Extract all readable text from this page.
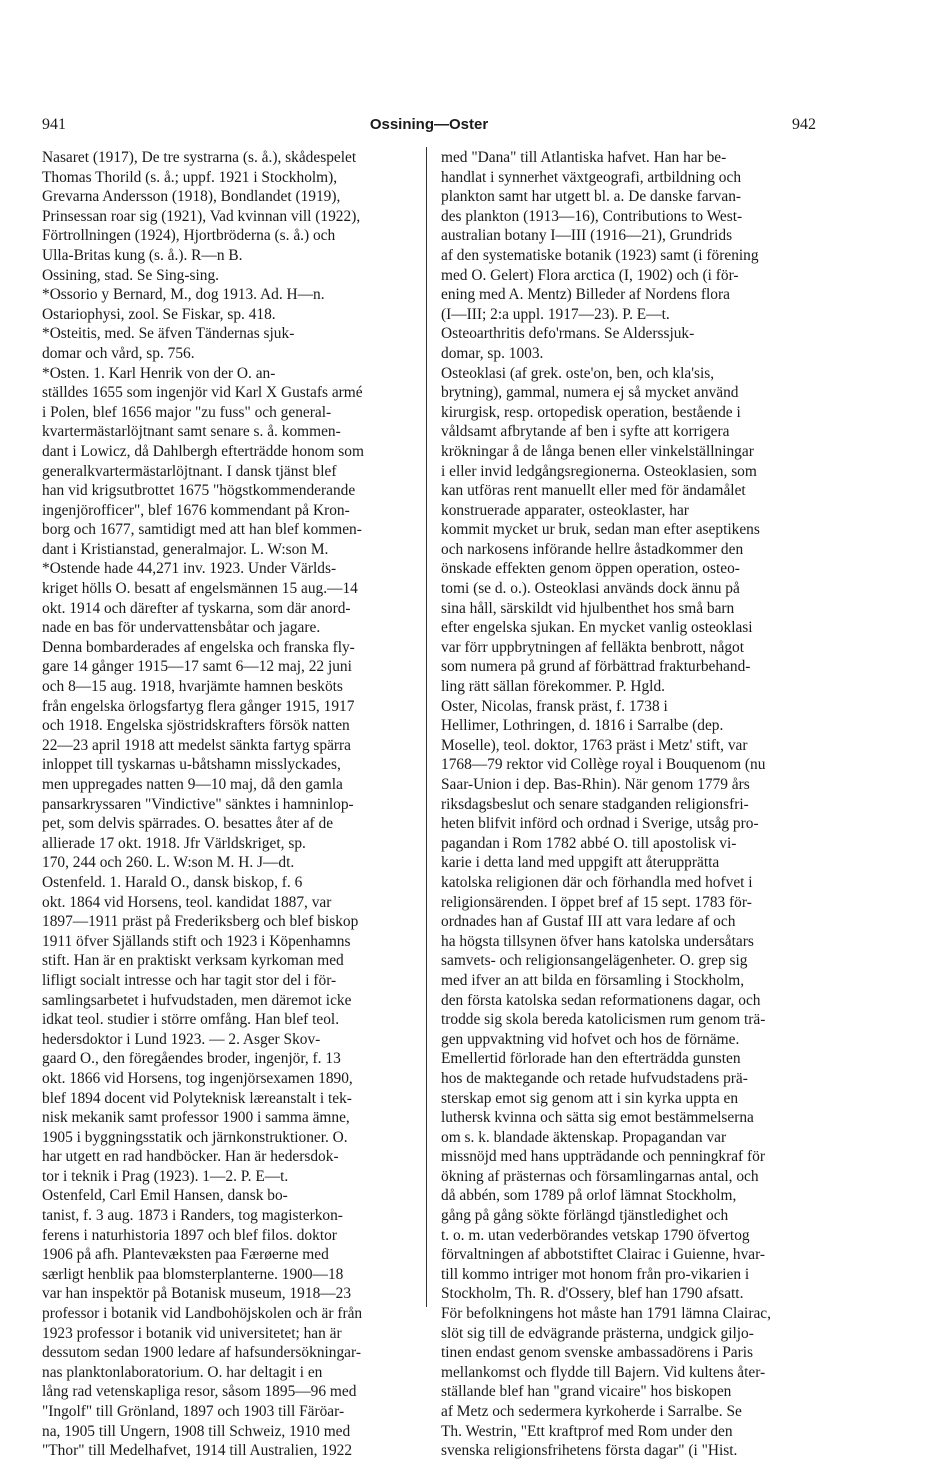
941	Ossining—Oster	942
Nasaret (1917), De tre systrarna (s. å.), skådespelet
Thomas Thorild (s. å.; uppf. 1921 i Stockholm),
Grevarna Andersson (1918), Bondlandet (1919),
Prinsessan roar sig (1921), Vad kvinnan vill (1922),
Förtrollningen (1924), Hjortbröderna (s. å.) och
Ulla-Britas kung (s. å.). R—n B.
Ossining, stad. Se Sing-sing.
*Ossorio y Bernard, M., dog 1913. Ad. H—n.
Ostariophysi, zool. Se Fiskar, sp. 418.
*Osteitis, med. Se äfven Tändernas sjuk-
domar och vård, sp. 756.
*Osten. 1. Karl Henrik von der O. an-
ställdes 1655 som ingenjör vid Karl X Gustafs armé
i Polen, blef 1656 major "zu fuss" och general-
kvartermästarlöjtnant samt senare s. å. kommen-
dant i Lowicz, då Dahlbergh efterträdde honom som
generalkvartermästarlöjtnant. I dansk tjänst blef
han vid krigsutbrottet 1675 "högstkommenderande
ingenjörofficer", blef 1676 kommendant på Kron-
borg och 1677, samtidigt med att han blef kommen-
dant i Kristianstad, generalmajor. L. W:son M.
*Ostende hade 44,271 inv. 1923. Under Världs-
kriget hölls O. besatt af engelsmännen 15 aug.—14
okt. 1914 och därefter af tyskarna, som där anord-
nade en bas för undervattensbåtar och jagare.
Denna bombarderades af engelska och franska fly-
gare 14 gånger 1915—17 samt 6—12 maj, 22 juni
och 8—15 aug. 1918, hvarjämte hamnen besköts
från engelska örlogsfartyg flera gånger 1915, 1917
och 1918. Engelska sjöstridskrafters försök natten
22—23 april 1918 att medelst sänkta fartyg spärra
inloppet till tyskarnas u-båtshamn misslyckades,
men uppregades natten 9—10 maj, då den gamla
pansarkryssaren "Vindictive" sänktes i hamninlop-
pet, som delvis spärrades. O. besattes åter af de
allierade 17 okt. 1918. Jfr Världskriget, sp.
170, 244 och 260. L. W:son M. H. J—dt.
Ostenfeld. 1. Harald O., dansk biskop, f. 6
okt. 1864 vid Horsens, teol. kandidat 1887, var
1897—1911 präst på Frederiksberg och blef biskop
1911 öfver Själlands stift och 1923 i Köpenhamns
stift. Han är en praktiskt verksam kyrkoman med
lifligt socialt intresse och har tagit stor del i för-
samlingsarbetet i hufvudstaden, men däremot icke
idkat teol. studier i större omfång. Han blef teol.
hedersdoktor i Lund 1923. — 2. Asger Skov-
gaard O., den föregåendes broder, ingenjör, f. 13
okt. 1866 vid Horsens, tog ingenjörsexamen 1890,
blef 1894 docent vid Polyteknisk læreanstalt i tek-
nisk mekanik samt professor 1900 i samma ämne,
1905 i byggningsstatik och järnkonstruktioner. O.
har utgett en rad handböcker. Han är hedersdok-
tor i teknik i Prag (1923). 1—2. P. E—t.
Ostenfeld, Carl Emil Hansen, dansk bo-
tanist, f. 3 aug. 1873 i Randers, tog magisterkon-
ferens i naturhistoria 1897 och blef filos. doktor
1906 på afh. Plantevæksten paa Færøerne med
særligt henblik paa blomsterplanterne. 1900—18
var han inspektör på Botanisk museum, 1918—23
professor i botanik vid Landbohöjskolen och är från
1923 professor i botanik vid universitetet; han är
dessutom sedan 1900 ledare af hafsundersökningar-
nas planktonlaboratorium. O. har deltagit i en
lång rad vetenskapliga resor, såsom 1895—96 med
"Ingolf" till Grönland, 1897 och 1903 till Färöar-
na, 1905 till Ungern, 1908 till Schweiz, 1910 med
"Thor" till Medelhafvet, 1914 till Australien, 1922
med "Dana" till Atlantiska hafvet. Han har be-
handlat i synnerhet växtgeografi, artbildning och
plankton samt har utgett bl. a. De danske farvan-
des plankton (1913—16), Contributions to West-
australian botany I—III (1916—21), Grundrids
af den systematiske botanik (1923) samt (i förening
med O. Gelert) Flora arctica (I, 1902) och (i för-
ening med A. Mentz) Billeder af Nordens flora
(I—III; 2:a uppl. 1917—23). P. E—t.
Osteoarthritis defo'rmans. Se Alderssjuk-
domar, sp. 1003.
Osteoklasi (af grek. oste'on, ben, och kla'sis,
brytning), gammal, numera ej så mycket använd
kirurgisk, resp. ortopedisk operation, bestående i
våldsamt afbrytande af ben i syfte att korrigera
krökningar å de långa benen eller vinkelställningar
i eller invid ledgångsregionerna. Osteoklasien, som
kan utföras rent manuellt eller med för ändamålet
konstruerade apparater, osteoklaster, har
kommit mycket ur bruk, sedan man efter aseptikens
och narkosens införande hellre åstadkommer den
önskade effekten genom öppen operation, osteo-
tomi (se d. o.). Osteoklasi används dock ännu på
sina håll, särskildt vid hjulbenthet hos små barn
efter engelska sjukan. En mycket vanlig osteoklasi
var förr uppbrytningen af felläkta benbrott, något
som numera på grund af förbättrad frakturbehand-
ling rätt sällan förekommer. P. Hgld.
Oster, Nicolas, fransk präst, f. 1738 i
Hellimer, Lothringen, d. 1816 i Sarralbe (dep.
Moselle), teol. doktor, 1763 präst i Metz' stift, var
1768—79 rektor vid Collège royal i Bouquenom (nu
Saar-Union i dep. Bas-Rhin). När genom 1779 års
riksdagsbeslut och senare stadganden religionsfri-
heten blifvit införd och ordnad i Sverige, utsåg pro-
pagandan i Rom 1782 abbé O. till apostolisk vi-
karie i detta land med uppgift att återupprätta
katolska religionen där och förhandla med hofvet i
religionsärenden. I öppet bref af 15 sept. 1783 för-
ordnades han af Gustaf III att vara ledare af och
ha högsta tillsynen öfver hans katolska undersåtars
samvets- och religionsangelägenheter. O. grep sig
med ifver an att bilda en församling i Stockholm,
den första katolska sedan reformationens dagar, och
trodde sig skola bereda katolicismen rum genom trä-
gen uppvaktning vid hofvet och hos de förnäme.
Emellertid förlorade han den efterträdda gunsten
hos de maktegande och retade hufvudstadens prä-
sterskap emot sig genom att i sin kyrka uppta en
luthersk kvinna och sätta sig emot bestämmelserna
om s. k. blandade äktenskap. Propagandan var
missnöjd med hans uppträdande och penningkraf för
ökning af prästernas och församlingarnas antal, och
då abbén, som 1789 på orlof lämnat Stockholm,
gång på gång sökte förlängd tjänstledighet och
t. o. m. utan vederbörandes vetskap 1790 öfvertog
förvaltningen af abbotstiftet Clairac i Guienne, hvar-
till kommo intriger mot honom från pro-vikarien i
Stockholm, Th. R. d'Ossery, blef han 1790 afsatt.
För befolkningens hot måste han 1791 lämna Clairac,
slöt sig till de edvägrande prästerna, undgick giljo-
tinen endast genom svenske ambassadörens i Paris
mellankomst och flydde till Bajern. Vid kultens åter-
ställande blef han "grand vicaire" hos biskopen
af Metz och sedermera kyrkoherde i Sarralbe. Se
Th. Westrin, "Ett kraftprof med Rom under den
svenska religionsfrihetens första dagar" (i "Hist.
